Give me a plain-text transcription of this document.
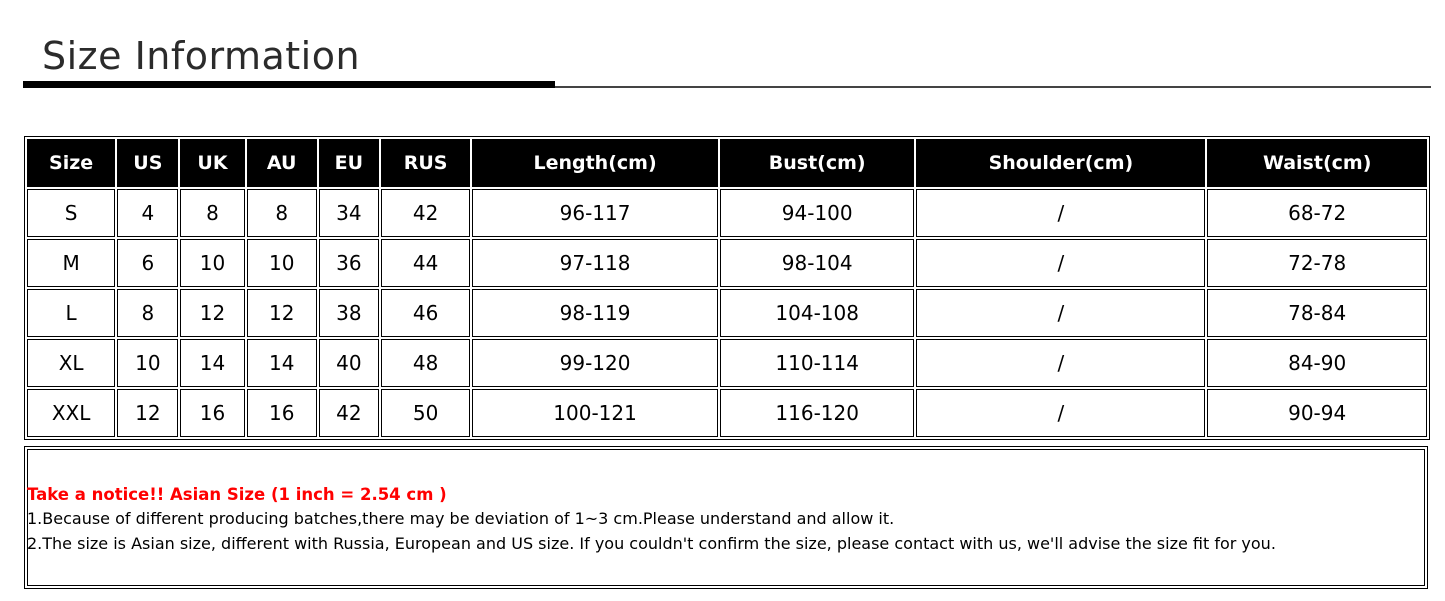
Size Information
Size	US	UK	AU	EU	RUS	Length(cm)	Bust(cm)	Shoulder(cm)	Waist(cm)
S	4	8	8	34	42	96-117	94-100	/	68-72
M	6	10	10	36	44	97-118	98-104	/	72-78
L	8	12	12	38	46	98-119	104-108	/	78-84
XL	10	14	14	40	48	99-120	110-114	/	84-90
XXL	12	16	16	42	50	100-121	116-120	/	90-94
Take a notice!! Asian Size (1 inch = 2.54 cm )
1.Because of different producing batches,there may be deviation of 1~3 cm.Please understand and allow it.
2.The size is Asian size, different with Russia, European and US size. If you couldn't confirm the size, please contact with us, we'll advise the size fit for you.
